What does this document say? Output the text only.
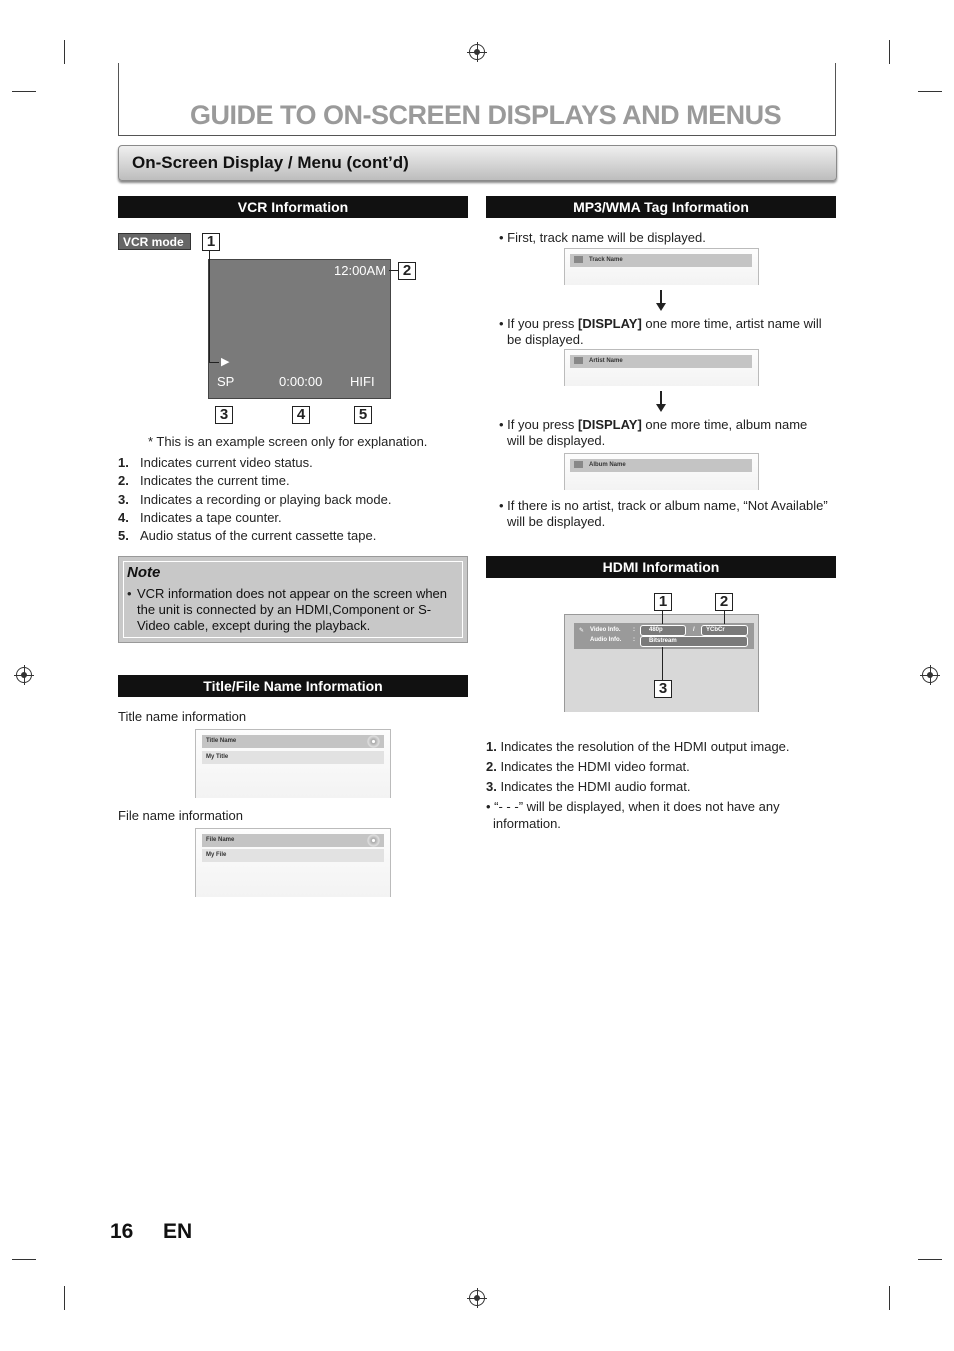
GUIDE TO ON-SCREEN DISPLAYS AND MENUS
On-Screen Display / Menu (cont’d)
VCR Information
VCR mode	1
12:00AM
▶
SP	0:00:00 HIFI
2
3	4	5
* This is an example screen only for explanation.
1. Indicates current video status.
2. Indicates the current time.
3. Indicates a recording or playing back mode.
4. Indicates a tape counter.
5. Audio status of the current cassette tape.
Note
• VCR information does not appear on the screen when the unit is connected by an HDMI,Component or S-Video cable, except during the playback.
Title/File Name Information
Title name information
Title Name
My Title
File name information
File Name
My File
MP3/WMA Tag Information
• First, track name will be displayed.
Track Name
• If you press [DISPLAY] one more time, artist name will
be displayed.
Artist Name
• If you press [DISPLAY] one more time, album name
will be displayed.
Album Name
• If there is no artist, track or album name, “Not Available”
will be displayed.
HDMI Information
1	2
✎ Video Info.
Audio Info.
:
:
480p	/	YCbCr
Bitstream
3
1. Indicates the resolution of the HDMI output image.
2. Indicates the HDMI video format.
3. Indicates the HDMI audio format.
• “- - -” will be displayed, when it does not have any
information.
16 EN
